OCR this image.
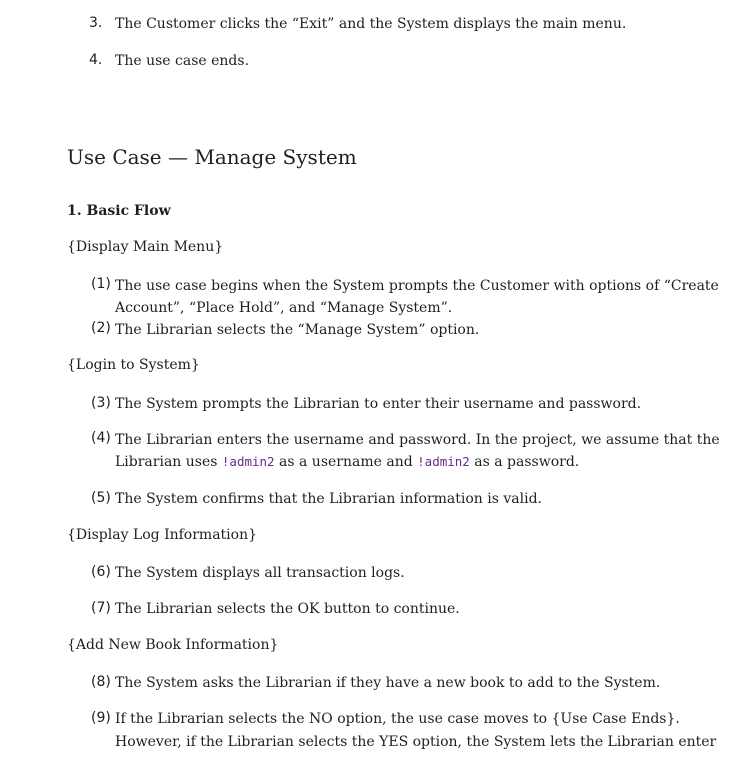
3. The Customer clicks the “Exit” and the System displays the main menu.
4. The use case ends.
Use Case — Manage System
1. Basic Flow
{Display Main Menu}
(1) The use case begins when the System prompts the Customer with options of “Create
Account”, “Place Hold”, and “Manage System”.
(2) The Librarian selects the “Manage System” option.
{Login to System}
(3) The System prompts the Librarian to enter their username and password.
(4) The Librarian enters the username and password. In the project, we assume that the
Librarian uses !admin2 as a username and !admin2 as a password.
(5) The System confirms that the Librarian information is valid.
{Display Log Information}
(6) The System displays all transaction logs.
(7) The Librarian selects the OK button to continue.
{Add New Book Information}
(8) The System asks the Librarian if they have a new book to add to the System.
(9) If the Librarian selects the NO option, the use case moves to {Use Case Ends}.
However, if the Librarian selects the YES option, the System lets the Librarian enter
